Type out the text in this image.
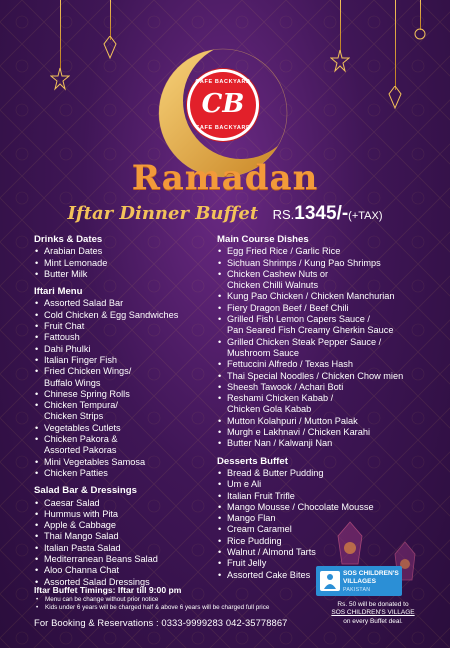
CAFE BACKYARD
CB
CAFE BACKYARD
Ramadan
Iftar Dinner Buffet RS.1345/-(+TAX)
Drinks & Dates
• Arabian Dates
• Mint Lemonade
• Butter Milk
Iftari Menu
• Assorted Salad Bar
• Cold Chicken & Egg Sandwiches
• Fruit Chat
• Fattoush
• Dahi Phulki
• Italian Finger Fish
• Fried Chicken Wings/
Buffalo Wings
• Chinese Spring Rolls
• Chicken Tempura/
Chicken Strips
• Vegetables Cutlets
• Chicken Pakora &
Assorted Pakoras
• Mini Vegetables Samosa
• Chicken Patties
Salad Bar & Dressings
• Caesar Salad
• Hummus with Pita
• Apple & Cabbage
• Thai Mango Salad
• Italian Pasta Salad
• Mediterranean Beans Salad
• Aloo Channa Chat
• Assorted Salad Dressings
Main Course Dishes
• Egg Fried Rice / Garlic Rice
• Sichuan Shrimps / Kung Pao Shrimps
• Chicken Cashew Nuts or
Chicken Chilli Walnuts
• Kung Pao Chicken / Chicken Manchurian
• Fiery Dragon Beef / Beef Chili
• Grilled Fish Lemon Capers Sauce /
Pan Seared Fish Creamy Gherkin Sauce
• Grilled Chicken Steak Pepper Sauce /
Mushroom Sauce
• Fettuccini Alfredo / Texas Hash
• Thai Special Noodles / Chicken Chow mien
• Sheesh Tawook / Achari Boti
• Reshami Chicken Kabab /
Chicken Gola Kabab
• Mutton Kolahpuri / Mutton Palak
• Murgh e Lakhnavi / Chicken Karahi
• Butter Nan / Kalwanji Nan
Desserts Buffet
• Bread & Butter Pudding
• Um e Ali
• Italian Fruit Trifle
• Mango Mousse / Chocolate Mousse
• Mango Flan
• Cream Caramel
• Rice Pudding
• Walnut / Almond Tarts
• Fruit Jelly
• Assorted Cake Bites
Iftar Buffet Timings: Iftar till 9:00 pm
• Menu can be change without prior notice
• Kids under 6 years will be charged half & above 6 years will be charged full price
For Booking & Reservations : 0333-9999283 042-35778867
SOS CHILDREN'S
VILLAGES
PAKISTAN
Rs. 50 will be donated to
SOS CHILDREN'S VILLAGE
on every Buffet deal.
